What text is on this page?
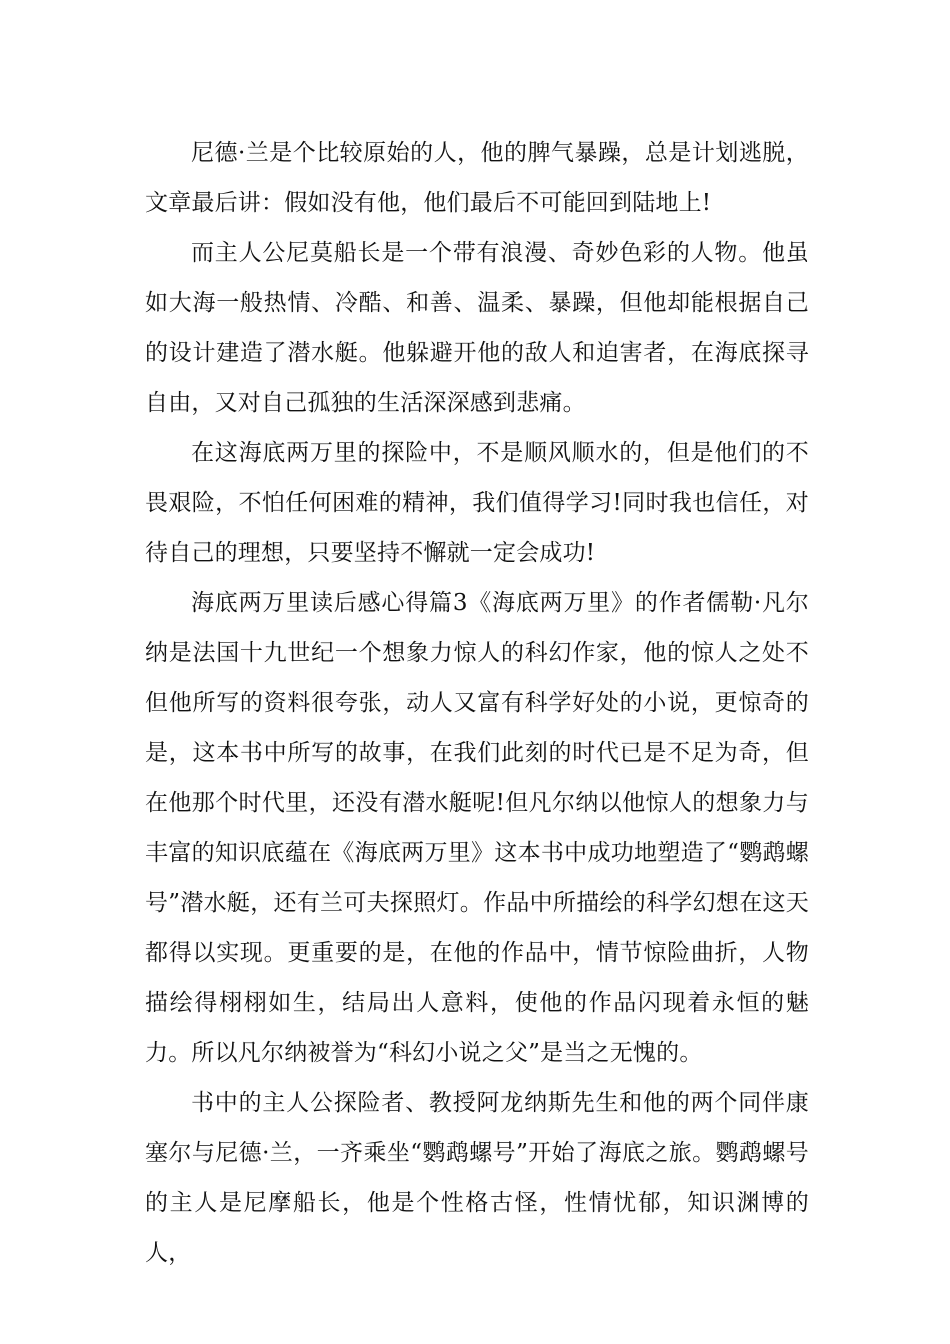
尼德·兰是个比较原始的人，他的脾气暴躁，总是计划逃脱，文章最后讲：假如没有他，他们最后不可能回到陆地上!

而主人公尼莫船长是一个带有浪漫、奇妙色彩的人物。他虽如大海一般热情、冷酷、和善、温柔、暴躁，但他却能根据自己的设计建造了潜水艇。他躲避开他的敌人和迫害者，在海底探寻自由，又对自己孤独的生活深深感到悲痛。

在这海底两万里的探险中，不是顺风顺水的，但是他们的不畏艰险，不怕任何困难的精神，我们值得学习!同时我也信任，对待自己的理想，只要坚持不懈就一定会成功!

海底两万里读后感心得篇3《海底两万里》的作者儒勒·凡尔纳是法国十九世纪一个想象力惊人的科幻作家，他的惊人之处不但他所写的资料很夸张，动人又富有科学好处的小说，更惊奇的是，这本书中所写的故事，在我们此刻的时代已是不足为奇，但在他那个时代里，还没有潜水艇呢!但凡尔纳以他惊人的想象力与丰富的知识底蕴在《海底两万里》这本书中成功地塑造了“鹦鹉螺号”潜水艇，还有兰可夫探照灯。作品中所描绘的科学幻想在这天都得以实现。更重要的是，在他的作品中，情节惊险曲折，人物描绘得栩栩如生，结局出人意料，使他的作品闪现着永恒的魅力。所以凡尔纳被誉为“科幻小说之父”是当之无愧的。

书中的主人公探险者、教授阿龙纳斯先生和他的两个同伴康塞尔与尼德·兰，一齐乘坐“鹦鹉螺号”开始了海底之旅。鹦鹉螺号的主人是尼摩船长，他是个性格古怪，性情忧郁，知识渊博的人，
